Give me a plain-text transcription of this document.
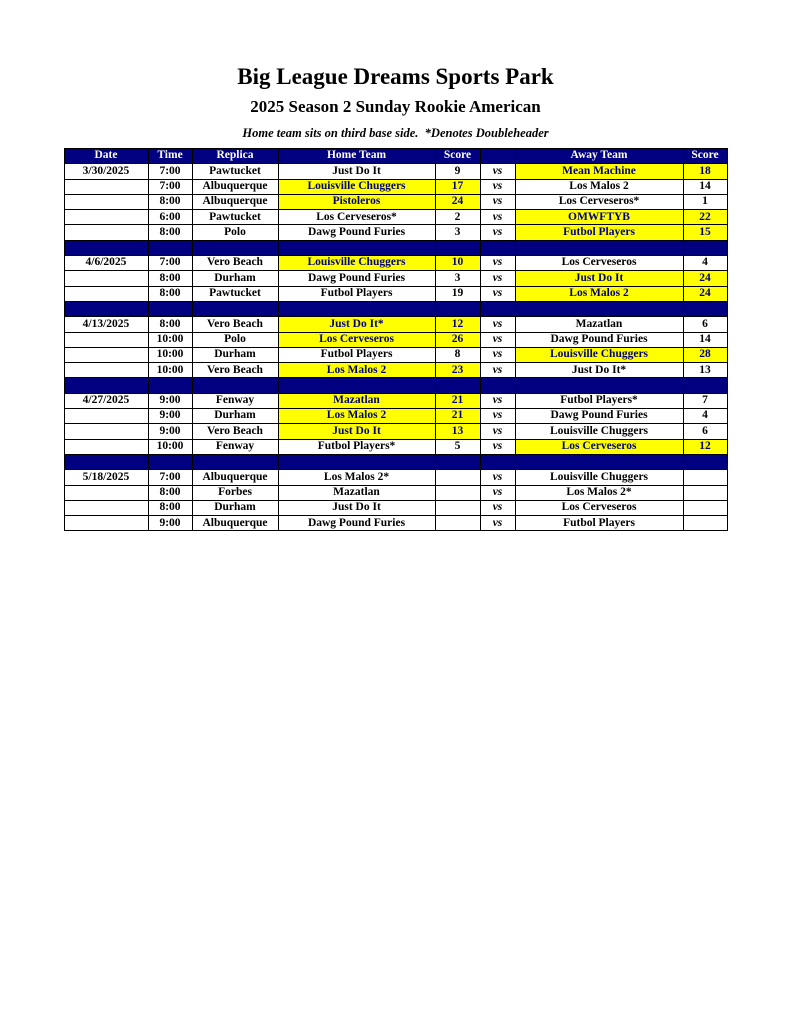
Big League Dreams Sports Park
2025 Season 2 Sunday Rookie American
Home team sits on third base side.  *Denotes Doubleheader
Date	Time	Replica	Home Team	Score		Away Team	Score
3/30/2025	7:00	Pawtucket	Just Do It	9	vs	Mean Machine	18
	7:00	Albuquerque	Louisville Chuggers	17	vs	Los Malos 2	14
	8:00	Albuquerque	Pistoleros	24	vs	Los Cerveseros*	1
	6:00	Pawtucket	Los Cerveseros*	2	vs	OMWFTYB	22
	8:00	Polo	Dawg Pound Furies	3	vs	Futbol Players	15

4/6/2025	7:00	Vero Beach	Louisville Chuggers	10	vs	Los Cerveseros	4
	8:00	Durham	Dawg Pound Furies	3	vs	Just Do It	24
	8:00	Pawtucket	Futbol Players	19	vs	Los Malos 2	24

4/13/2025	8:00	Vero Beach	Just Do It*	12	vs	Mazatlan	6
	10:00	Polo	Los Cerveseros	26	vs	Dawg Pound Furies	14
	10:00	Durham	Futbol Players	8	vs	Louisville Chuggers	28
	10:00	Vero Beach	Los Malos 2	23	vs	Just Do It*	13

4/27/2025	9:00	Fenway	Mazatlan	21	vs	Futbol Players*	7
	9:00	Durham	Los Malos 2	21	vs	Dawg Pound Furies	4
	9:00	Vero Beach	Just Do It	13	vs	Louisville Chuggers	6
	10:00	Fenway	Futbol Players*	5	vs	Los Cerveseros	12

5/18/2025	7:00	Albuquerque	Los Malos 2*		vs	Louisville Chuggers	
	8:00	Forbes	Mazatlan		vs	Los Malos 2*	
	8:00	Durham	Just Do It		vs	Los Cerveseros	
	9:00	Albuquerque	Dawg Pound Furies		vs	Futbol Players	
